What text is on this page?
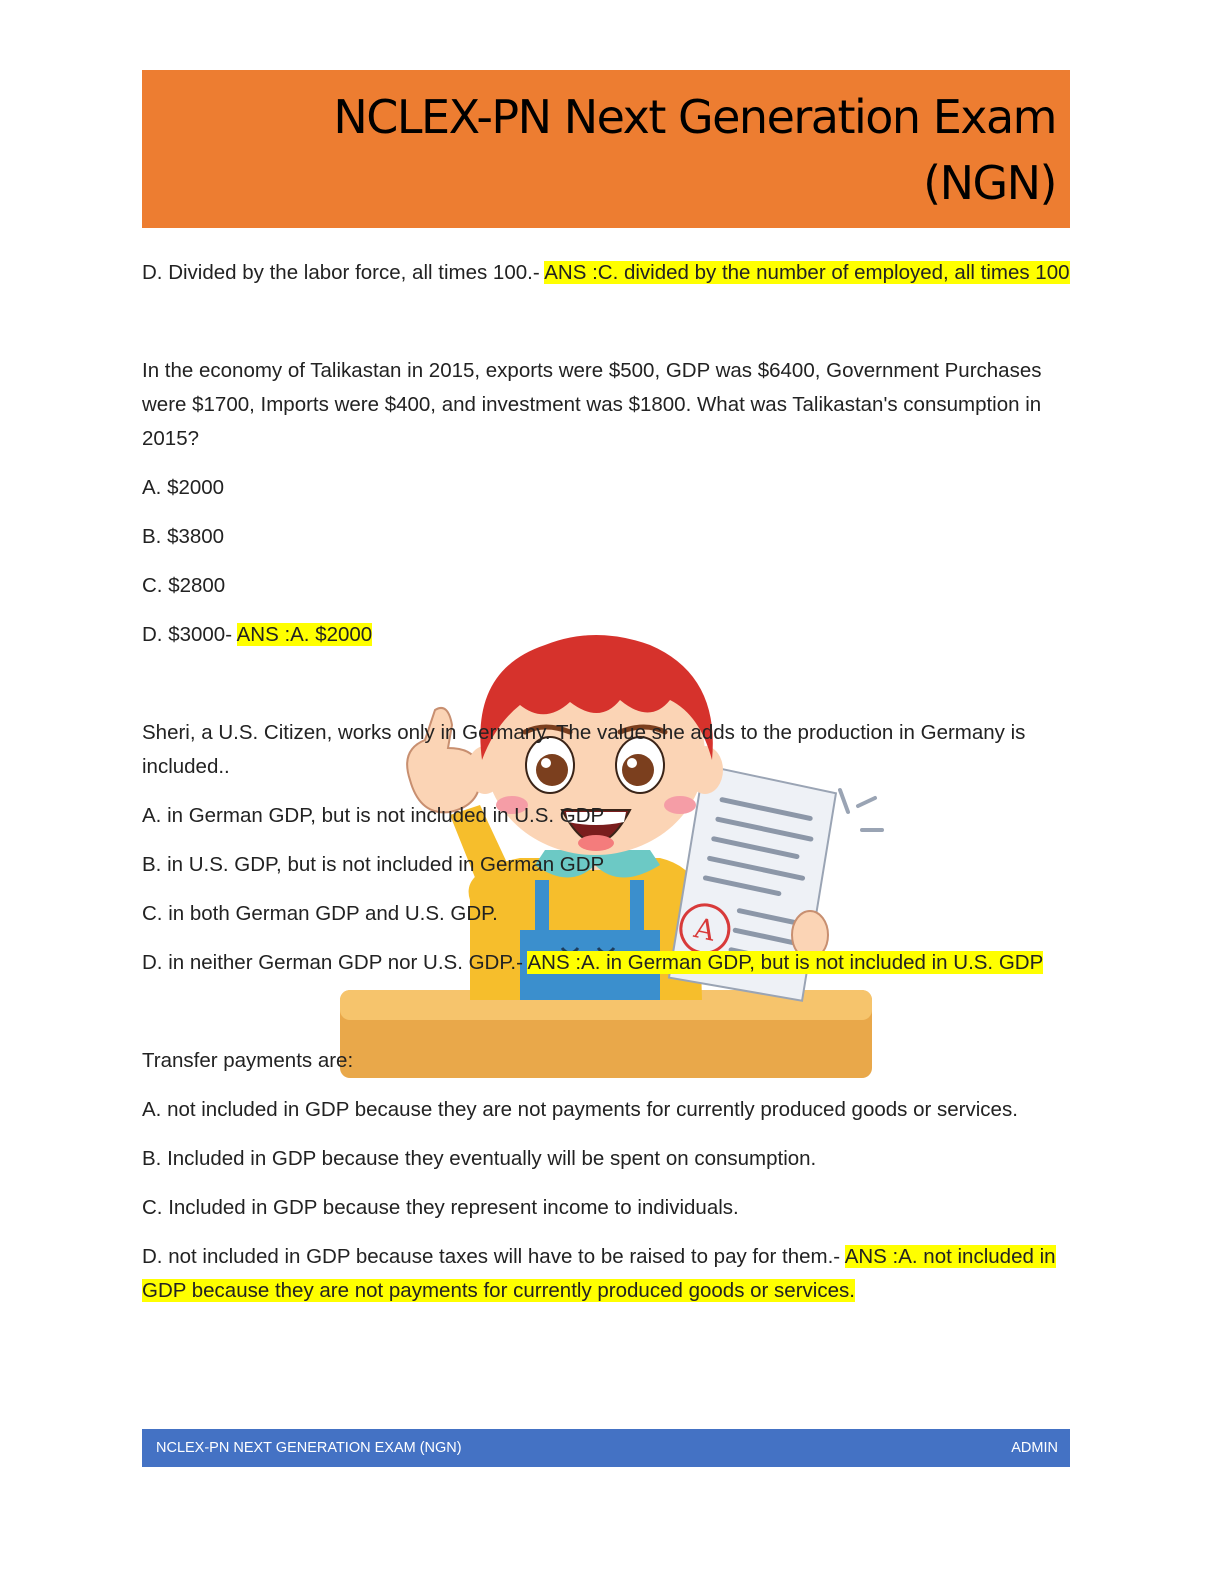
NCLEX-PN Next Generation Exam (NGN)
A

D. Divided by the labor force, all times 100.- ANS :C. divided by the number of employed, all times 100

In the economy of Talikastan in 2015, exports were $500, GDP was $6400, Government Purchases were $1700, Imports were $400, and investment was $1800. What was Talikastan's consumption in 2015?

A. $2000

B. $3800

C. $2800

D. $3000- ANS :A. $2000

Sheri, a U.S. Citizen, works only in Germany. The value she adds to the production in Germany is included..

A. in German GDP, but is not included in U.S. GDP

B. in U.S. GDP, but is not included in German GDP

C. in both German GDP and U.S. GDP.

D. in neither German GDP nor U.S. GDP.- ANS :A. in German GDP, but is not included in U.S. GDP

Transfer payments are:

A. not included in GDP because they are not payments for currently produced goods or services.

B. Included in GDP because they eventually will be spent on consumption.

C. Included in GDP because they represent income to individuals.

D. not included in GDP because taxes will have to be raised to pay for them.- ANS :A. not included in GDP because they are not payments for currently produced goods or services.

NCLEX-PN NEXT GENERATION EXAM (NGN)	ADMIN
